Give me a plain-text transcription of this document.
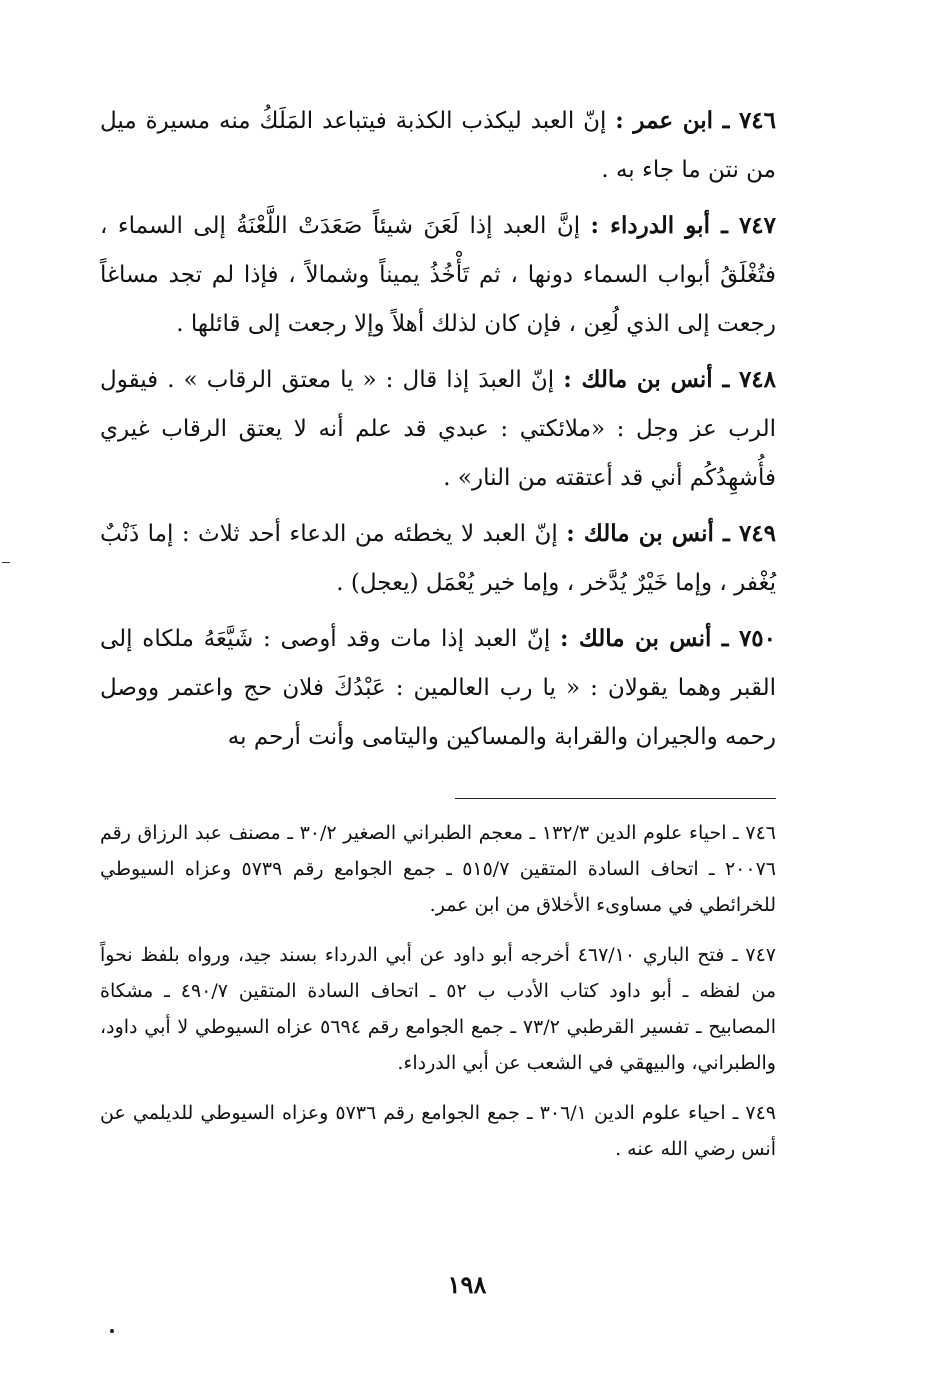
٧٤٦ ـ ابن عمر : إنّ العبد ليكذب الكذبة فيتباعد المَلَكُ منه مسيرة ميل من نتن ما جاء به .

٧٤٧ ـ أبو الدرداء : إنَّ العبد إذا لَعَنَ شيئاً صَعَدَتْ اللَّعْنَةُ إلى السماء ، فتُغْلَقُ أبواب السماء دونها ، ثم تَأْخُذُ يميناً وشمالاً ، فإذا لم تجد مساغاً رجعت إلى الذي لُعِن ، فإن كان لذلك أهلاً وإلا رجعت إلى قائلها .

٧٤٨ ـ أنس بن مالك : إنّ العبدَ إذا قال : « يا معتق الرقاب » . فيقول الرب عز وجل : «ملائكتي : عبدي قد علم أنه لا يعتق الرقاب غيري فأُشهِدُكُم أني قد أعتقته من النار» .

٧٤٩ ـ أنس بن مالك : إنّ العبد لا يخطئه من الدعاء أحد ثلاث : إما ذَنْبٌ يُغْفر ، وإما خَيْرٌ يُدَّخر ، وإما خير يُعْمَل (يعجل) .

٧٥٠ ـ أنس بن مالك : إنّ العبد إذا مات وقد أوصى : شَيَّعَهُ ملكاه إلى القبر وهما يقولان : « يا رب العالمين : عَبْدُكَ فلان حج واعتمر ووصل رحمه والجيران والقرابة والمساكين واليتامى وأنت أرحم به

٧٤٦ ـ احياء علوم الدين ١٣٢/٣ ـ معجم الطبراني الصغير ٣٠/٢ ـ مصنف عبد الرزاق رقم ٢٠٠٧٦ ـ اتحاف السادة المتقين ٥١٥/٧ ـ جمع الجوامع رقم ٥٧٣٩ وعزاه السيوطي للخرائطي في مساوىء الأخلاق من ابن عمر.

٧٤٧ ـ فتح الباري ٤٦٧/١٠ أخرجه أبو داود عن أبي الدرداء بسند جيد، ورواه بلفظ نحواً من لفظه ـ أبو داود كتاب الأدب ب ٥٢ ـ اتحاف السادة المتقين ٤٩٠/٧ ـ مشكاة المصابيح ـ تفسير القرطبي ٧٣/٢ ـ جمع الجوامع رقم ٥٦٩٤ عزاه السيوطي لا أبي داود، والطبراني، والبيهقي في الشعب عن أبي الدرداء.

٧٤٩ ـ احياء علوم الدين ٣٠٦/١ ـ جمع الجوامع رقم ٥٧٣٦ وعزاه السيوطي للديلمي عن أنس رضي الله عنه .

١٩٨
